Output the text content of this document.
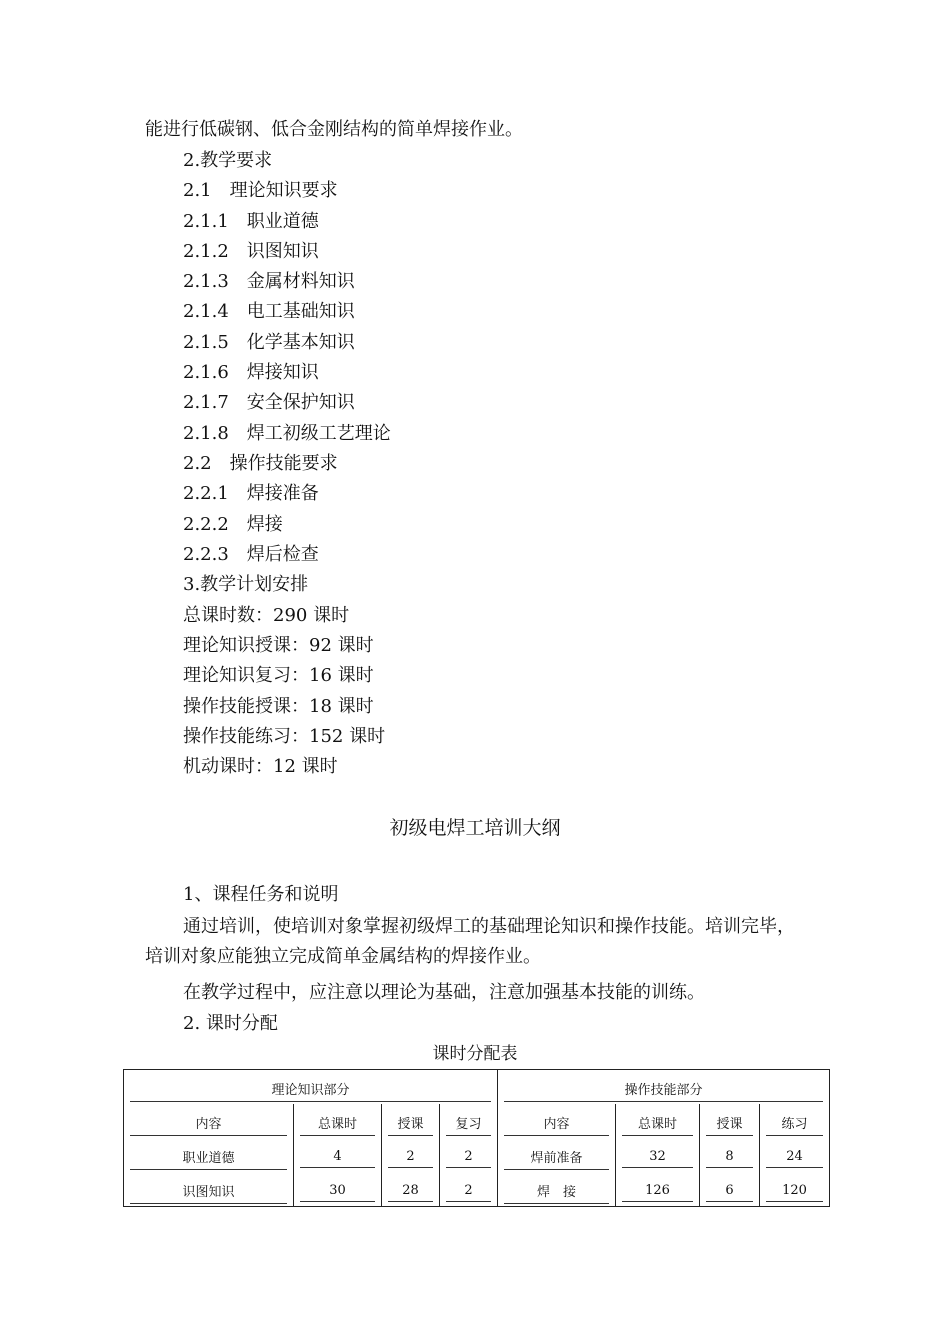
能进行低碳钢、低合金刚结构的简单焊接作业。
2.教学要求
2.1　理论知识要求
2.1.1　职业道德
2.1.2　识图知识
2.1.3　金属材料知识
2.1.4　电工基础知识
2.1.5　化学基本知识
2.1.6　焊接知识
2.1.7　安全保护知识
2.1.8　焊工初级工艺理论
2.2　操作技能要求
2.2.1　焊接准备
2.2.2　焊接
2.2.3　焊后检查
3.教学计划安排
总课时数：290 课时
理论知识授课：92 课时
理论知识复习：16 课时
操作技能授课：18 课时
操作技能练习：152 课时
机动课时：12 课时
初级电焊工培训大纲
1、课程任务和说明
通过培训，使培训对象掌握初级焊工的基础理论知识和操作技能。培训完毕，培训对象应能独立完成简单金属结构的焊接作业。
在教学过程中，应注意以理论为基础，注意加强基本技能的训练。
2. 课时分配
课时分配表
理论知识部分				操作技能部分			

内容	总课时	授课	复习	内容	总课时	授课	练习

职业道德	4	2	2	焊前准备	32	8	24

识图知识	30	28	2	焊　接	126	6	120
